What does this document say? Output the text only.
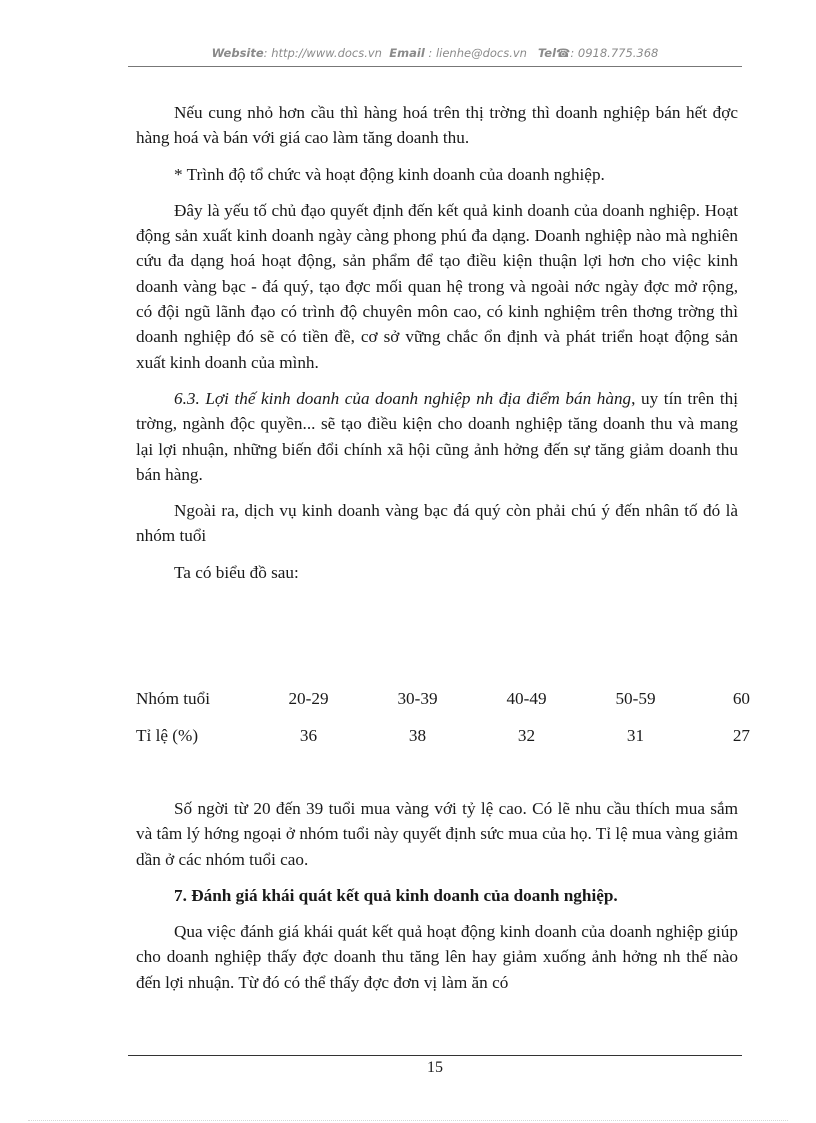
Website: http://www.docs.vn Email : lienhe@docs.vn Tel☎: 0918.775.368

Nếu cung nhỏ hơn cầu thì hàng hoá trên thị trờng thì doanh nghiệp bán hết đợc hàng hoá và bán với giá cao làm tăng doanh thu.

* Trình độ tổ chức và hoạt động kinh doanh của doanh nghiệp.

Đây là yếu tố chủ đạo quyết định đến kết quả kinh doanh của doanh nghiệp. Hoạt động sản xuất kinh doanh ngày càng phong phú đa dạng. Doanh nghiệp nào mà nghiên cứu đa dạng hoá hoạt động, sản phẩm để tạo điều kiện thuận lợi hơn cho việc kinh doanh vàng bạc - đá quý, tạo đợc mối quan hệ trong và ngoài nớc ngày đợc mở rộng, có đội ngũ lãnh đạo có trình độ chuyên môn cao, có kinh nghiệm trên thơng trờng thì doanh nghiệp đó sẽ có tiền đề, cơ sở vững chắc ổn định và phát triển hoạt động sản xuất kinh doanh của mình.

6.3. Lợi thế kinh doanh của doanh nghiệp nh địa điểm bán hàng, uy tín trên thị trờng, ngành độc quyền... sẽ tạo điều kiện cho doanh nghiệp tăng doanh thu và mang lại lợi nhuận, những biến đổi chính xã hội cũng ảnh hởng đến sự tăng giảm doanh thu bán hàng.

Ngoài ra, dịch vụ kinh doanh vàng bạc đá quý còn phải chú ý đến nhân tố đó là nhóm tuổi

Ta có biểu đồ sau:

Nhóm tuổi	20-29	30-39	40-49	50-59	60
Tỉ lệ (%)	36	38	32	31	27

Số ngời từ 20 đến 39 tuổi mua vàng với tỷ lệ cao. Có lẽ nhu cầu thích mua sắm và tâm lý hớng ngoại ở nhóm tuổi này quyết định sức mua của họ. Tỉ lệ mua vàng giảm dần ở các nhóm tuổi cao.

7. Đánh giá khái quát kết quả kinh doanh của doanh nghiệp.

Qua việc đánh giá khái quát kết quả hoạt động kinh doanh của doanh nghiệp giúp cho doanh nghiệp thấy đợc doanh thu tăng lên hay giảm xuống ảnh hởng nh thế nào đến lợi nhuận. Từ đó có thể thấy đợc đơn vị làm ăn có

15
